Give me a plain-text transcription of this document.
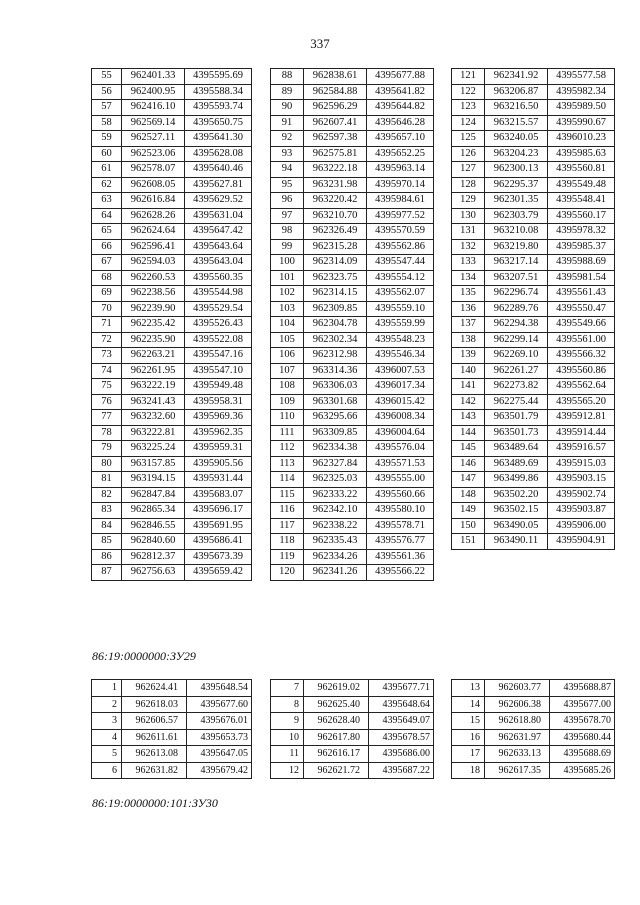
337
55	962401.33	4395595.69
56	962400.95	4395588.34
57	962416.10	4395593.74
58	962569.14	4395650.75
59	962527.11	4395641.30
60	962523.06	4395628.08
61	962578.07	4395640.46
62	962608.05	4395627.81
63	962616.84	4395629.52
64	962628.26	4395631.04
65	962624.64	4395647.42
66	962596.41	4395643.64
67	962594.03	4395643.04
68	962260.53	4395560.35
69	962238.56	4395544.98
70	962239.90	4395529.54
71	962235.42	4395526.43
72	962235.90	4395522.08
73	962263.21	4395547.16
74	962261.95	4395547.10
75	963222.19	4395949.48
76	963241.43	4395958.31
77	963232.60	4395969.36
78	963222.81	4395962.35
79	963225.24	4395959.31
80	963157.85	4395905.56
81	963194.15	4395931.44
82	962847.84	4395683.07
83	962865.34	4395696.17
84	962846.55	4395691.95
85	962840.60	4395686.41
86	962812.37	4395673.39
87	962756.63	4395659.42
88	962838.61	4395677.88
89	962584.88	4395641.82
90	962596.29	4395644.82
91	962607.41	4395646.28
92	962597.38	4395657.10
93	962575.81	4395652.25
94	963222.18	4395963.14
95	963231.98	4395970.14
96	963220.42	4395984.61
97	963210.70	4395977.52
98	962326.49	4395570.59
99	962315.28	4395562.86
100	962314.09	4395547.44
101	962323.75	4395554.12
102	962314.15	4395562.07
103	962309.85	4395559.10
104	962304.78	4395559.99
105	962302.34	4395548.23
106	962312.98	4395546.34
107	963314.36	4396007.53
108	963306.03	4396017.34
109	963301.68	4396015.42
110	963295.66	4396008.34
111	963309.85	4396004.64
112	962334.38	4395576.04
113	962327.84	4395571.53
114	962325.03	4395555.00
115	962333.22	4395560.66
116	962342.10	4395580.10
117	962338.22	4395578.71
118	962335.43	4395576.77
119	962334.26	4395561.36
120	962341.26	4395566.22
121	962341.92	4395577.58
122	963206.87	4395982.34
123	963216.50	4395989.50
124	963215.57	4395990.67
125	963240.05	4396010.23
126	963204.23	4395985.63
127	962300.13	4395560.81
128	962295.37	4395549.48
129	962301.35	4395548.41
130	962303.79	4395560.17
131	963210.08	4395978.32
132	963219.80	4395985.37
133	963217.14	4395988.69
134	963207.51	4395981.54
135	962296.74	4395561.43
136	962289.76	4395550.47
137	962294.38	4395549.66
138	962299.14	4395561.00
139	962269.10	4395566.32
140	962261.27	4395560.86
141	962273.82	4395562.64
142	962275.44	4395565.20
143	963501.79	4395912.81
144	963501.73	4395914.44
145	963489.64	4395916.57
146	963489.69	4395915.03
147	963499.86	4395903.15
148	963502.20	4395902.74
149	963502.15	4395903.87
150	963490.05	4395906.00
151	963490.11	4395904.91
86:19:0000000:ЗУ29
1	962624.41	4395648.54
2	962618.03	4395677.60
3	962606.57	4395676.01
4	962611.61	4395653.73
5	962613.08	4395647.05
6	962631.82	4395679.42
7	962619.02	4395677.71
8	962625.40	4395648.64
9	962628.40	4395649.07
10	962617.80	4395678.57
11	962616.17	4395686.00
12	962621.72	4395687.22
13	962603.77	4395688.87
14	962606.38	4395677.00
15	962618.80	4395678.70
16	962631.97	4395680.44
17	962633.13	4395688.69
18	962617.35	4395685.26
86:19:0000000:101:ЗУ30
